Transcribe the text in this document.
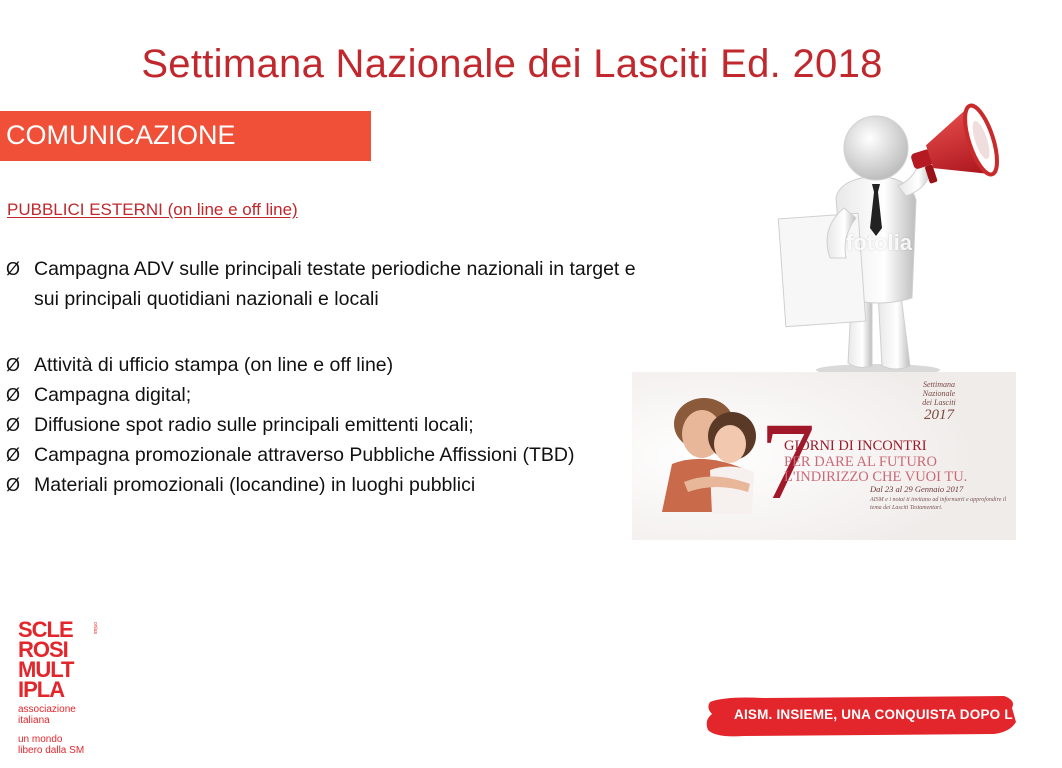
Settimana Nazionale dei Lasciti Ed. 2018
COMUNICAZIONE
PUBBLICI ESTERNI (on line e off line)
Ø Campagna ADV sulle principali testate periodiche nazionali in target e sui principali quotidiani nazionali e locali
Ø Attività di ufficio stampa (on line e off line)
Ø Campagna digital;
Ø Diffusione spot radio sulle principali emittenti locali;
Ø Campagna promozionale attraverso Pubbliche Affissioni (TBD)
Ø Materiali promozionali (locandine) in luoghi pubblici
fotolia
Settimana
Nazionale
dei Lasciti
2017
7
GIORNI DI INCONTRI
PER DARE AL FUTURO
L'INDIRIZZO CHE VUOI TU.
Dal 23 al 29 Gennaio 2017
AISM e i notai ti invitano ad informarti e approfondire il tema dei Lasciti Testamentari.
SCLE
ROSI
MULT
IPLA
associazione
italiana
un mondo
libero dalla SM
onlus
AISM. INSIEME, UNA CONQUISTA DOPO L'ALTRA
